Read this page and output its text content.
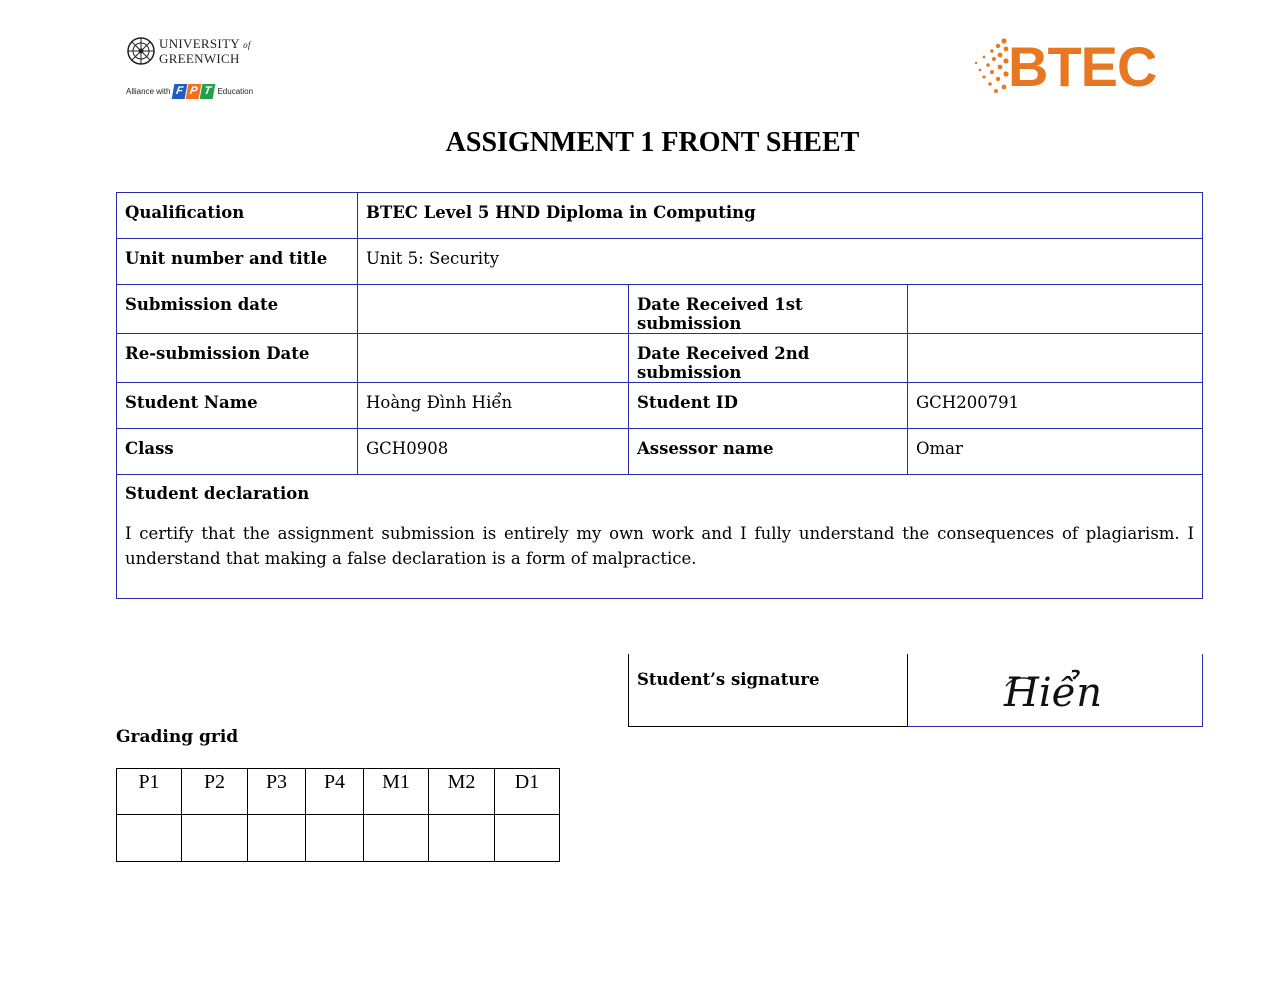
UNIVERSITY of
GREENWICH
Alliance with F P T Education	BTEC
ASSIGNMENT 1 FRONT SHEET
Qualification	BTEC Level 5 HND Diploma in Computing		
Unit number and title	Unit 5: Security		
Submission date		Date Received 1st submission	
Re-submission Date		Date Received 2nd submission	
Student Name	Hoàng Đình Hiển	Student ID	GCH200791
Class	GCH0908	Assessor name	Omar

Student declaration
I certify that the assignment submission is entirely my own work and I fully understand the consequences of plagiarism. I understand that making a false declaration is a form of malpractice.			
Student’s signature	Hiển
Grading grid
P1	P2	P3	P4	M1	M2	D1
